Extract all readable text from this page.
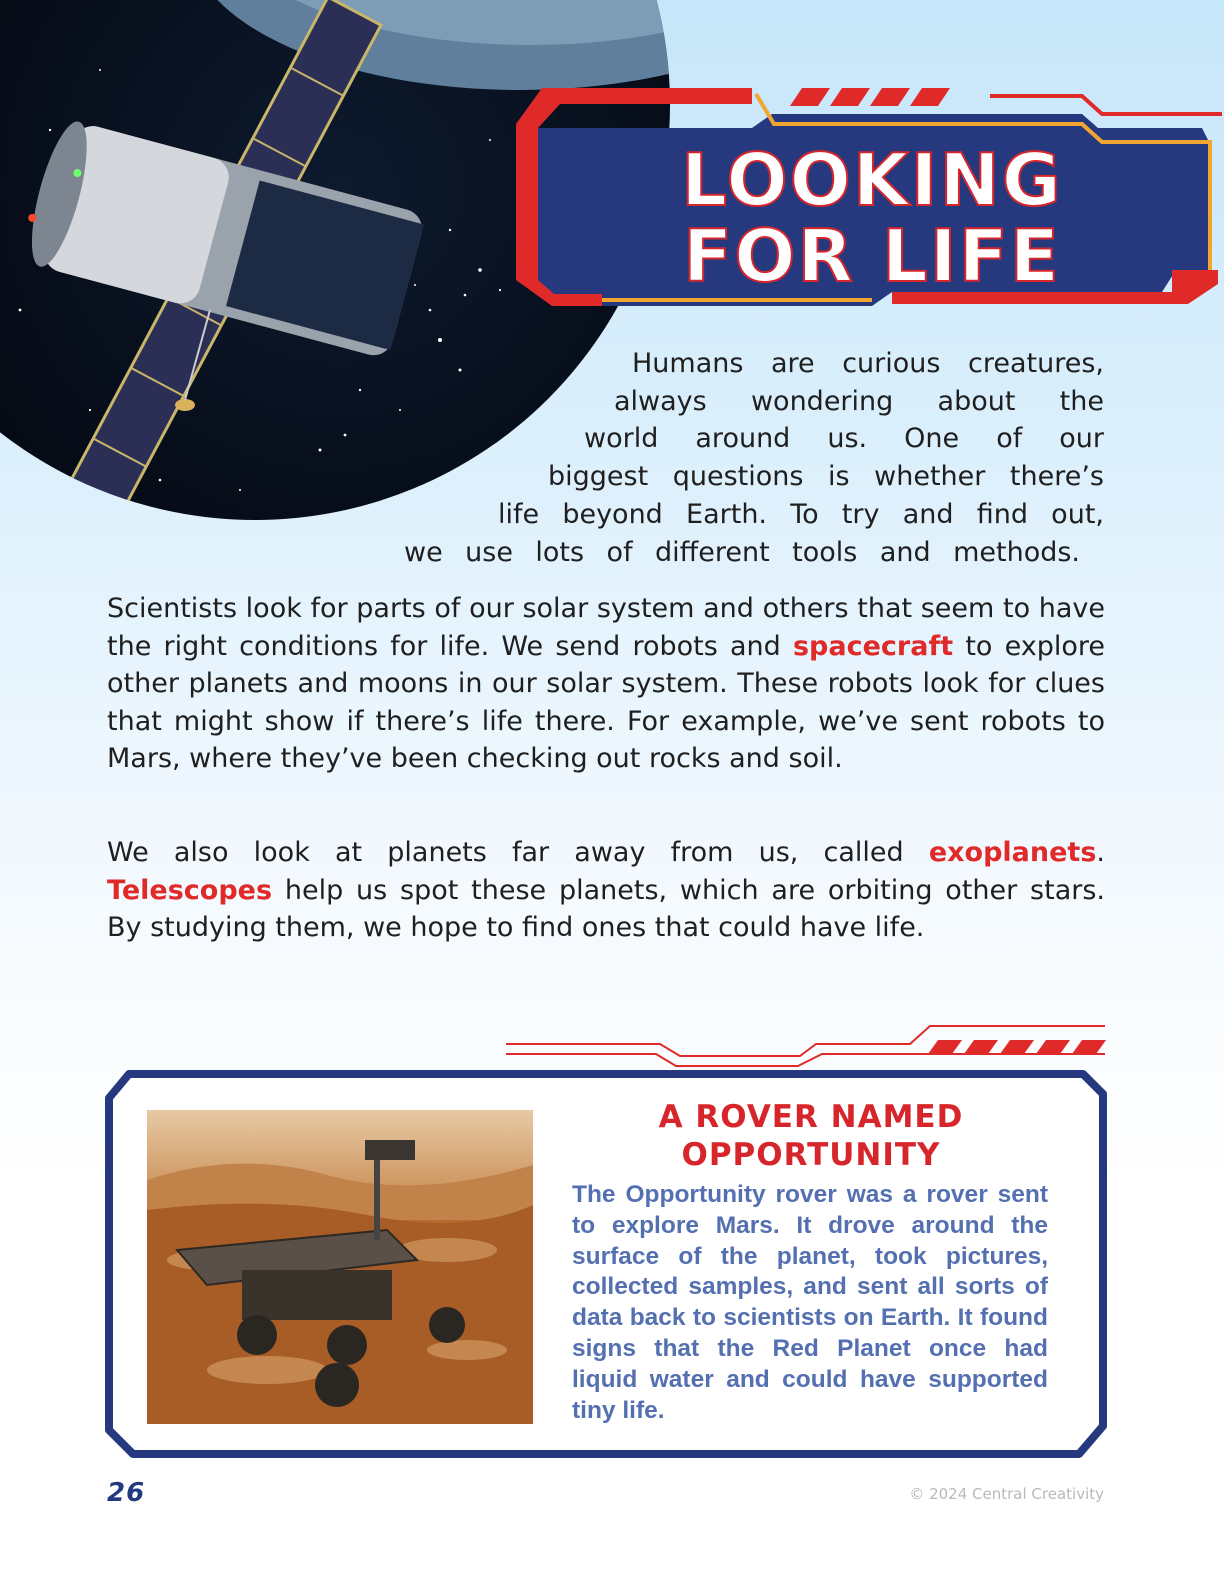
LOOKING
FOR LIFE
Humans are curious creatures,
always wondering about the
world around us. One of our
biggest questions is whether there’s
life beyond Earth. To try and find out,
we use lots of different tools and methods.
Scientists look for parts of our solar system and others that seem to have the right conditions for life. We send robots and spacecraft to explore other planets and moons in our solar system. These robots look for clues that might show if there’s life there. For example, we’ve sent robots to Mars, where they’ve been checking out rocks and soil.
We also look at planets far away from us, called exoplanets. Telescopes help us spot these planets, which are orbiting other stars. By studying them, we hope to find ones that could have life.
A ROVER NAMED
OPPORTUNITY
The Opportunity rover was a rover sent to explore Mars. It drove around the surface of the planet, took pictures, collected samples, and sent all sorts of data back to scientists on Earth. It found signs that the Red Planet once had liquid water and could have supported tiny life.
26	© 2024 Central Creativity
